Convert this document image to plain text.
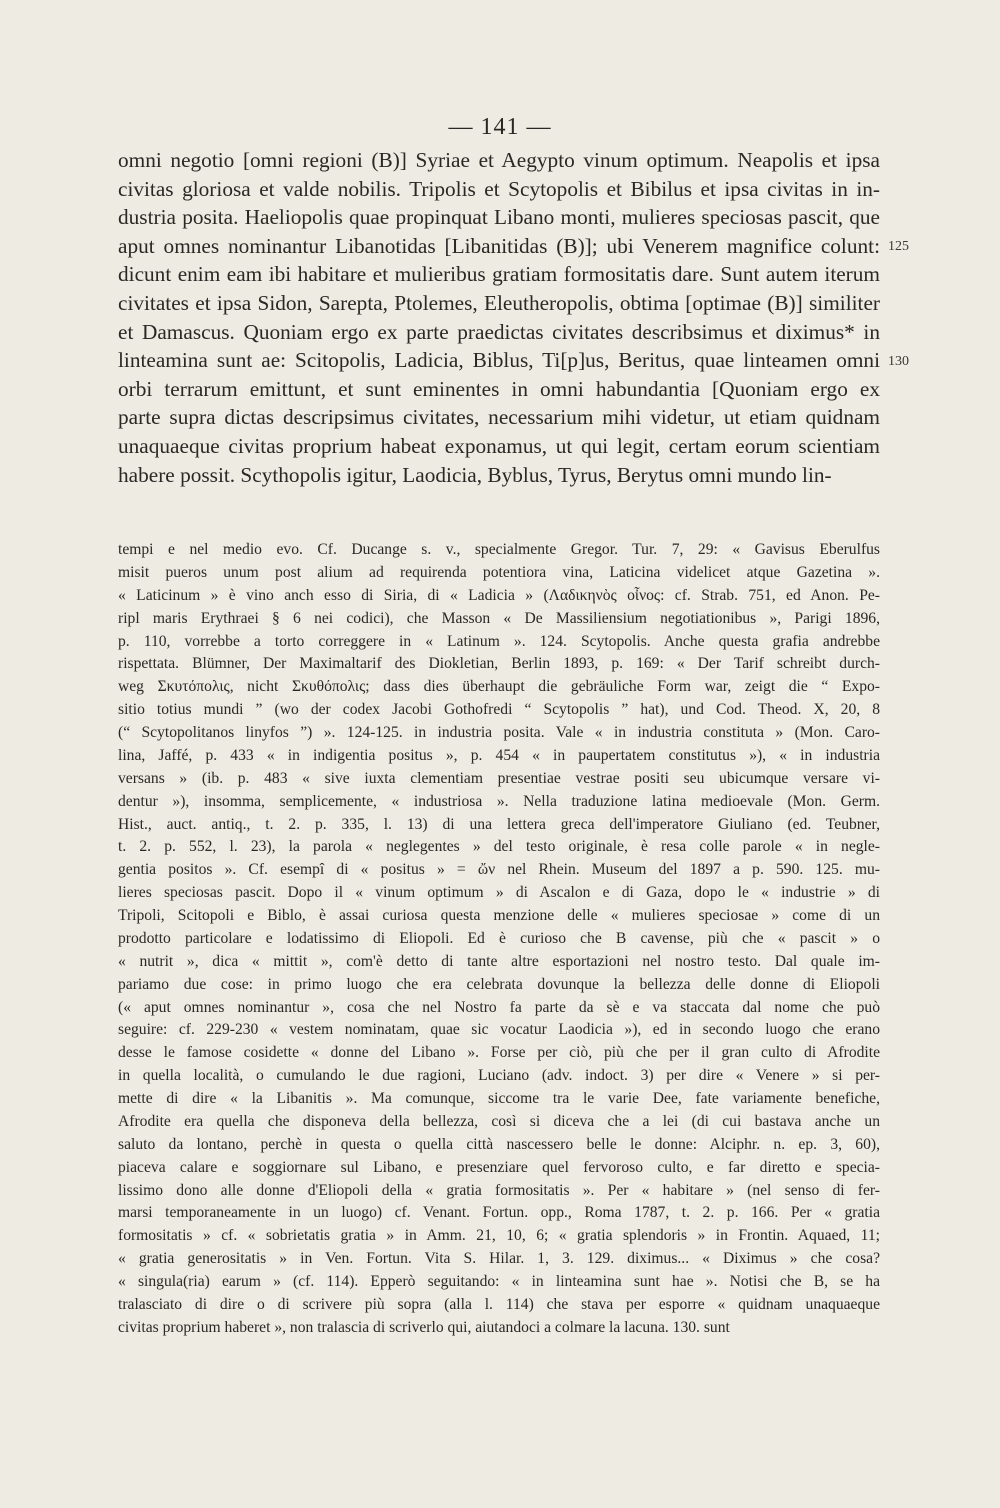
— 141 —
omni negotio [omni regioni (B)] Syriae et Aegypto vinum optimum. Neapolis et ipsa
civitas gloriosa et valde nobilis. Tripolis et Scytopolis et Bibilus et ipsa civitas in in-
dustria posita. Haeliopolis quae propinquat Libano monti, mulieres speciosas pascit, que
aput omnes nominantur Libanotidas [Libanitidas (B)]; ubi Venerem magnifice colunt:
dicunt enim eam ibi habitare et mulieribus gratiam formositatis dare. Sunt autem iterum
civitates et ipsa Sidon, Sarepta, Ptolemes, Eleutheropolis, obtima [optimae (B)] similiter
et Damascus. Quoniam ergo ex parte praedictas civitates describsimus et diximus* in
linteamina sunt ae: Scitopolis, Ladicia, Biblus, Ti[p]us, Beritus, quae linteamen omni
orbi terrarum emittunt, et sunt eminentes in omni habundantia [Quoniam ergo ex
parte supra dictas descripsimus civitates, necessarium mihi videtur, ut etiam quidnam
unaquaeque civitas proprium habeat exponamus, ut qui legit, certam eorum scientiam
habere possit. Scythopolis igitur, Laodicia, Byblus, Tyrus, Berytus omni mundo lin-
125
130
tempi e nel medio evo. Cf. Ducange s. v., specialmente Gregor. Tur. 7, 29: « Gavisus Eberulfus
misit pueros unum post alium ad requirenda potentiora vina, Laticina videlicet atque Gazetina ».
« Laticinum » è vino anch esso di Siria, di « Ladicia » (Λαδικηνὸς οἶνος: cf. Strab. 751, ed Anon. Pe-
ripl maris Erythraei § 6 nei codici), che Masson « De Massiliensium negotiationibus », Parigi 1896,
p. 110, vorrebbe a torto correggere in « Latinum ». 124. Scytopolis. Anche questa grafia andrebbe
rispettata. Blümner, Der Maximaltarif des Diokletian, Berlin 1893, p. 169: « Der Tarif schreibt durch-
weg Σκυτόπολις, nicht Σκυθόπολις; dass dies überhaupt die gebräuliche Form war, zeigt die “ Expo-
sitio totius mundi ” (wo der codex Jacobi Gothofredi “ Scytopolis ” hat), und Cod. Theod. X, 20, 8
(“ Scytopolitanos linyfos ”) ». 124-125. in industria posita. Vale « in industria constituta » (Mon. Caro-
lina, Jaffé, p. 433 « in indigentia positus », p. 454 « in paupertatem constitutus »), « in industria
versans » (ib. p. 483 « sive iuxta clementiam presentiae vestrae positi seu ubicumque versare vi-
dentur »), insomma, semplicemente, « industriosa ». Nella traduzione latina medioevale (Mon. Germ.
Hist., auct. antiq., t. 2. p. 335, l. 13) di una lettera greca dell'imperatore Giuliano (ed. Teubner,
t. 2. p. 552, l. 23), la parola « neglegentes » del testo originale, è resa colle parole « in negle-
gentia positos ». Cf. esempî di « positus » = ὤν nel Rhein. Museum del 1897 a p. 590. 125. mu-
lieres speciosas pascit. Dopo il « vinum optimum » di Ascalon e di Gaza, dopo le « industrie » di
Tripoli, Scitopoli e Biblo, è assai curiosa questa menzione delle « mulieres speciosae » come di un
prodotto particolare e lodatissimo di Eliopoli. Ed è curioso che B cavense, più che « pascit » o
« nutrit », dica « mittit », com'è detto di tante altre esportazioni nel nostro testo. Dal quale im-
pariamo due cose: in primo luogo che era celebrata dovunque la bellezza delle donne di Eliopoli
(« aput omnes nominantur », cosa che nel Nostro fa parte da sè e va staccata dal nome che può
seguire: cf. 229-230 « vestem nominatam, quae sic vocatur Laodicia »), ed in secondo luogo che erano
desse le famose cosidette « donne del Libano ». Forse per ciò, più che per il gran culto di Afrodite
in quella località, o cumulando le due ragioni, Luciano (adv. indoct. 3) per dire « Venere » si per-
mette di dire « la Libanitis ». Ma comunque, siccome tra le varie Dee, fate variamente benefiche,
Afrodite era quella che disponeva della bellezza, così si diceva che a lei (di cui bastava anche un
saluto da lontano, perchè in questa o quella città nascessero belle le donne: Alciphr. n. ep. 3, 60),
piaceva calare e soggiornare sul Libano, e presenziare quel fervoroso culto, e far diretto e specia-
lissimo dono alle donne d'Eliopoli della « gratia formositatis ». Per « habitare » (nel senso di fer-
marsi temporaneamente in un luogo) cf. Venant. Fortun. opp., Roma 1787, t. 2. p. 166. Per « gratia
formositatis » cf. « sobrietatis gratia » in Amm. 21, 10, 6; « gratia splendoris » in Frontin. Aquaed, 11;
« gratia generositatis » in Ven. Fortun. Vita S. Hilar. 1, 3. 129. diximus... « Diximus » che cosa?
« singula(ria) earum » (cf. 114). Epperò seguitando: « in linteamina sunt hae ». Notisi che B, se ha
tralasciato di dire o di scrivere più sopra (alla l. 114) che stava per esporre « quidnam unaquaeque
civitas proprium haberet », non tralascia di scriverlo qui, aiutandoci a colmare la lacuna. 130. sunt
